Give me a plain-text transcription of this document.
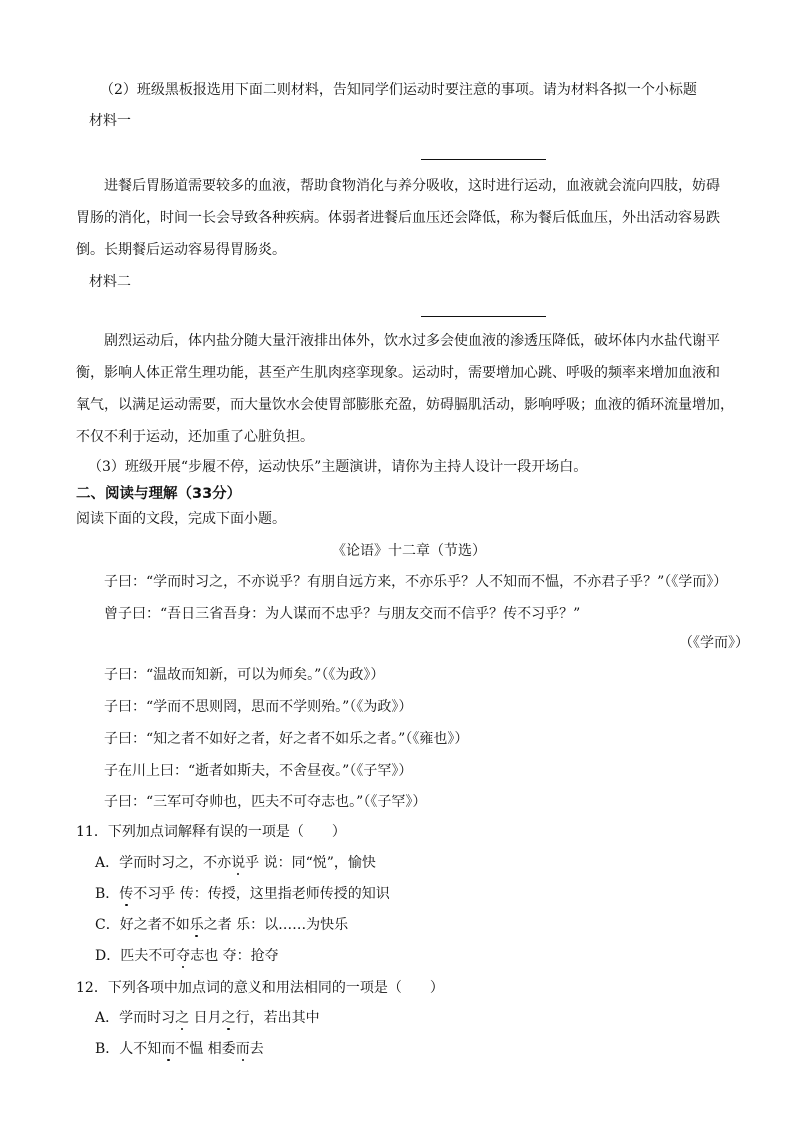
（2）班级黑板报选用下面二则材料，告知同学们运动时要注意的事项。请为材料各拟一个小标题
材料一
进餐后胃肠道需要较多的血液，帮助食物消化与养分吸收，这时进行运动，血液就会流向四肢，妨碍
胃肠的消化，时间一长会导致各种疾病。体弱者进餐后血压还会降低，称为餐后低血压，外出活动容易跌
倒。长期餐后运动容易得胃肠炎。
材料二
剧烈运动后，体内盐分随大量汗液排出体外，饮水过多会使血液的渗透压降低，破坏体内水盐代谢平
衡，影响人体正常生理功能，甚至产生肌肉痉挛现象。运动时，需要增加心跳、呼吸的频率来增加血液和
氧气，以满足运动需要，而大量饮水会使胃部膨胀充盈，妨碍膈肌活动，影响呼吸；血液的循环流量增加，
不仅不利于运动，还加重了心脏负担。
（3）班级开展“步履不停，运动快乐”主题演讲，请你为主持人设计一段开场白。
二、阅读与理解（33分）
阅读下面的文段，完成下面小题。
《论语》十二章（节选）
子曰：“学而时习之，不亦说乎？有朋自远方来，不亦乐乎？人不知而不愠，不亦君子乎？”（《学而》）
曾子曰：“吾日三省吾身：为人谋而不忠乎？与朋友交而不信乎？传不习乎？”
（《学而》）
子曰：“温故而知新，可以为师矣。”（《为政》）
子曰：“学而不思则罔，思而不学则殆。”（《为政》）
子曰：“知之者不如好之者，好之者不如乐之者。”（《雍也》）
子在川上曰：“逝者如斯夫，不舍昼夜。”（《子罕》）
子曰：“三军可夺帅也，匹夫不可夺志也。”（《子罕》）
11．下列加点词解释有误的一项是（　　）
A．学而时习之，不亦说乎 说：同“悦”，愉快
B．传不习乎 传：传授，这里指老师传授的知识
C．好之者不如乐之者 乐：以……为快乐
D．匹夫不可夺志也 夺：抢夺
12．下列各项中加点词的意义和用法相同的一项是（　　）
A．学而时习之 日月之行，若出其中
B．人不知而不愠 相委而去
